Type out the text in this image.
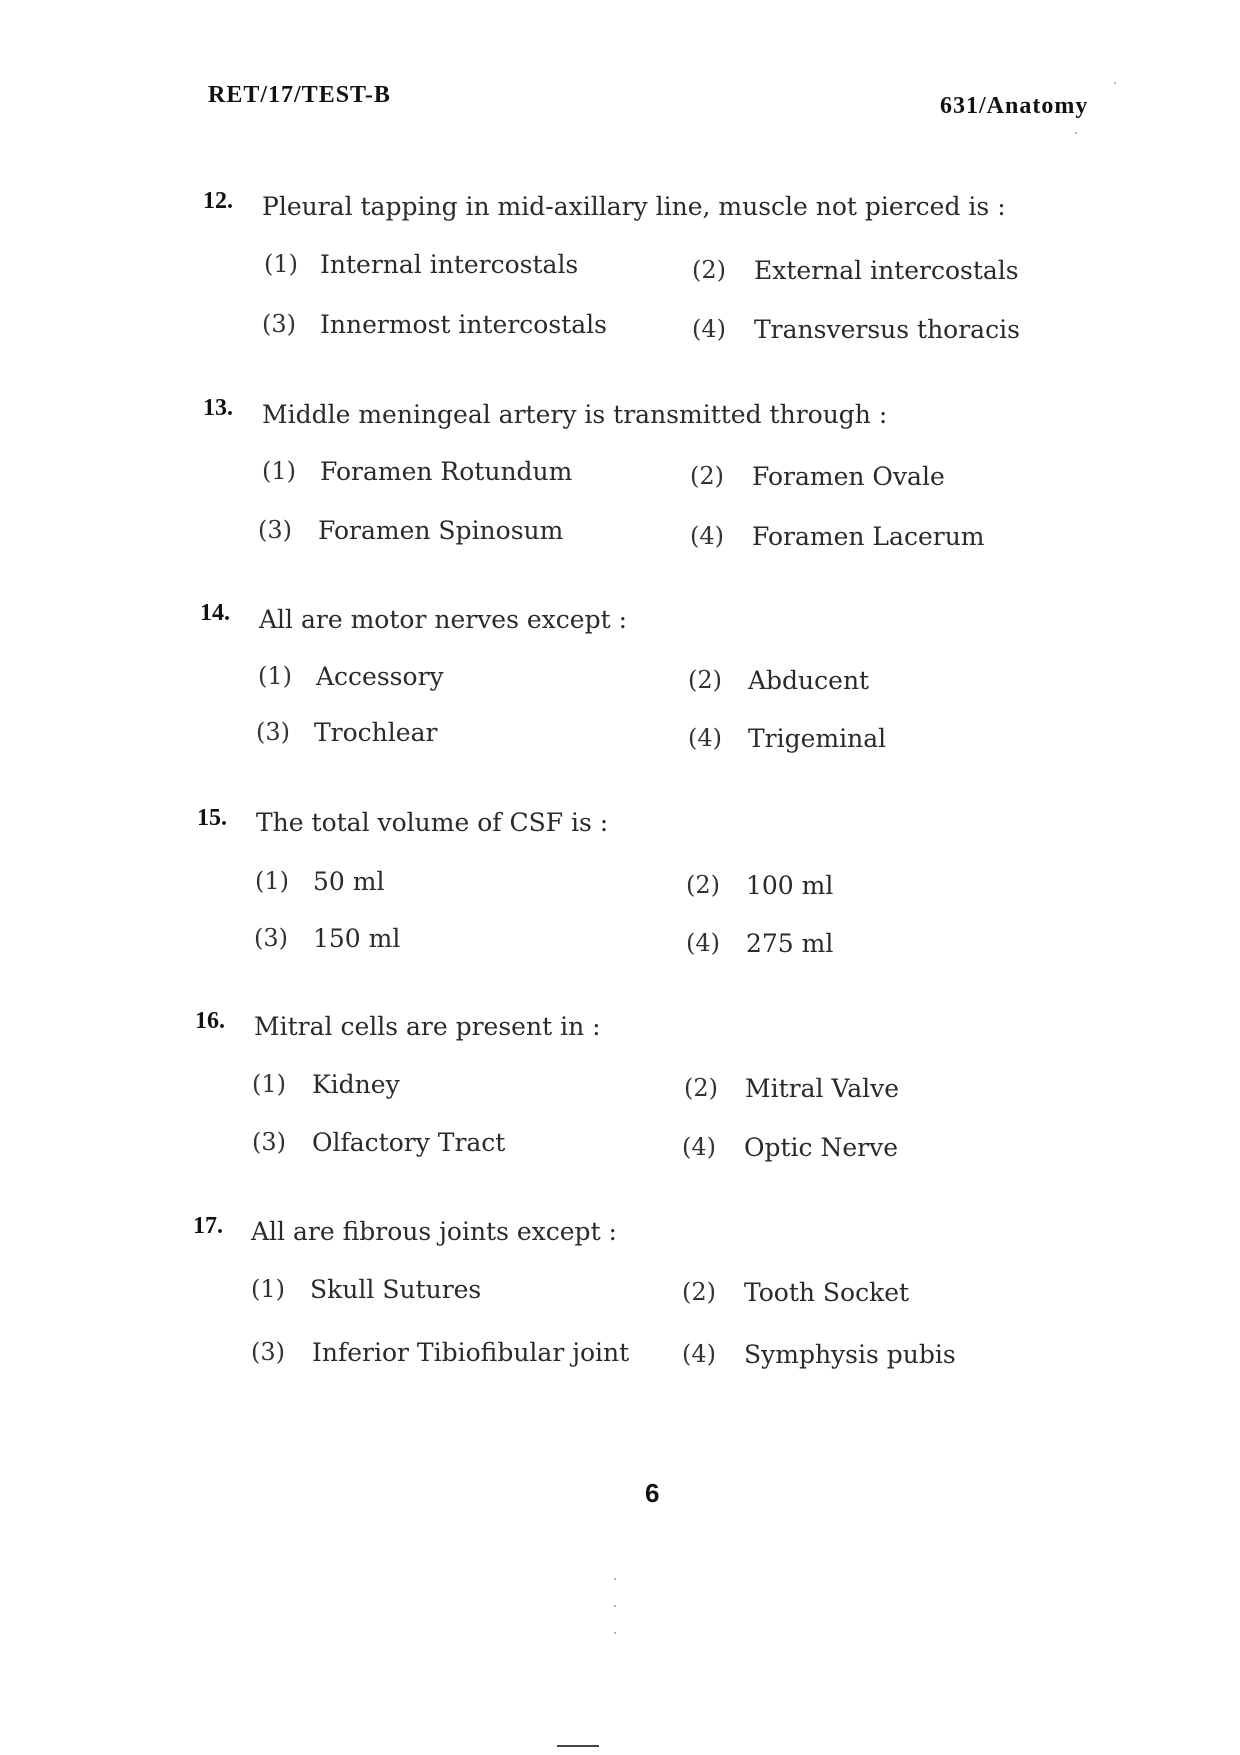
RET/17/TEST-B	631/Anatomy
12. Pleural tapping in mid-axillary line, muscle not pierced is :
(1) Internal intercostals	(2) External intercostals
(3) Innermost intercostals	(4) Transversus thoracis
13. Middle meningeal artery is transmitted through :
(1) Foramen Rotundum	(2) Foramen Ovale
(3) Foramen Spinosum	(4) Foramen Lacerum
14. All are motor nerves except :
(1) Accessory	(2) Abducent
(3) Trochlear	(4) Trigeminal
15. The total volume of CSF is :
(1) 50 ml	(2) 100 ml
(3) 150 ml	(4) 275 ml
16. Mitral cells are present in :
(1) Kidney	(2) Mitral Valve
(3) Olfactory Tract	(4) Optic Nerve
17. All are fibrous joints except :
(1) Skull Sutures	(2) Tooth Socket
(3) Inferior Tibiofibular joint (4) Symphysis pubis
6
